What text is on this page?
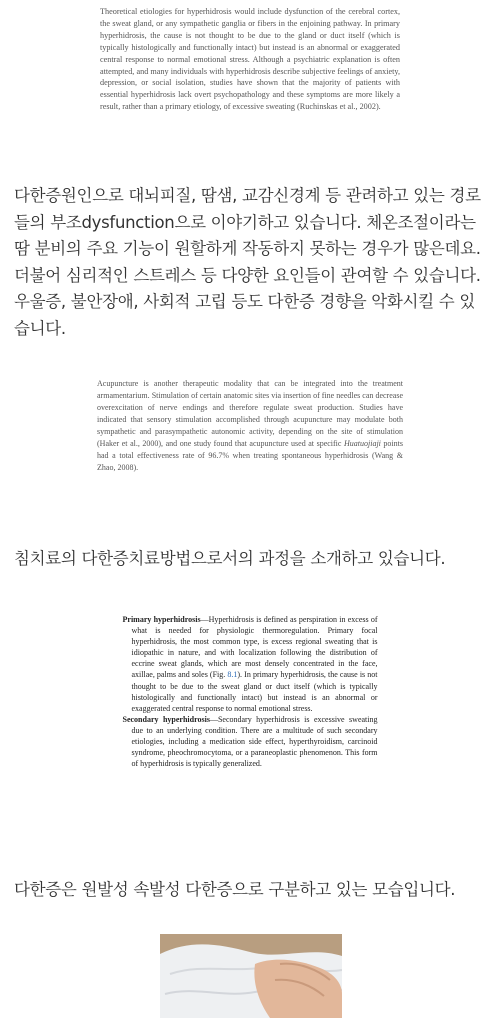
Theoretical etiologies for hyperhidrosis would include dysfunction of the cerebral cortex, the sweat gland, or any sympathetic ganglia or fibers in the enjoining pathway. In primary hyperhidrosis, the cause is not thought to be due to the gland or duct itself (which is typically histologically and functionally intact) but instead is an abnormal or exaggerated central response to normal emotional stress. Although a psychiatric explanation is often attempted, and many individuals with hyperhidrosis describe subjective feelings of anxiety, depression, or social isolation, studies have shown that the majority of patients with essential hyperhidrosis lack overt psychopathology and these symptoms are more likely a result, rather than a primary etiology, of excessive sweating (Ruchinskas et al., 2002).

다한증원인으로 대뇌피질, 땀샘, 교감신경계 등 관려하고 있는 경로들의 부조dysfunction으로 이야기하고 있습니다. 체온조절이라는 땀 분비의 주요 기능이 원할하게 작동하지 못하는 경우가 많은데요. 더불어 심리적인 스트레스 등 다양한 요인들이 관여할 수 있습니다. 우울증, 불안장애, 사회적 고립 등도 다한증 경향을 악화시킬 수 있습니다.

Acupuncture is another therapeutic modality that can be integrated into the treatment armamentarium. Stimulation of certain anatomic sites via insertion of fine needles can decrease overexcitation of nerve endings and therefore regulate sweat production. Studies have indicated that sensory stimulation accomplished through acupuncture may modulate both sympathetic and parasympathetic autonomic activity, depending on the site of stimulation (Haker et al., 2000), and one study found that acupuncture used at specific Huatuojiaji points had a total effectiveness rate of 96.7% when treating spontaneous hyperhidrosis (Wang & Zhao, 2008).

침치료의 다한증치료방법으로서의 과정을 소개하고 있습니다.

Primary hyperhidrosis—Hyperhidrosis is defined as perspiration in excess of what is needed for physiologic thermoregulation. Primary focal hyperhidrosis, the most common type, is excess regional sweating that is idiopathic in nature, and with localization following the distribution of eccrine sweat glands, which are most densely concentrated in the face, axillae, palms and soles (Fig. 8.1). In primary hyperhidrosis, the cause is not thought to be due to the sweat gland or duct itself (which is typically histologically and functionally intact) but instead is an abnormal or exaggerated central response to normal emotional stress.

Secondary hyperhidrosis—Secondary hyperhidrosis is excessive sweating due to an underlying condition. There are a multitude of such secondary etiologies, including a medication side effect, hyperthyroidism, carcinoid syndrome, pheochromocytoma, or a paraneoplastic phenomenon. This form of hyperhidrosis is typically generalized.

다한증은 원발성 속발성 다한증으로 구분하고 있는 모습입니다.
